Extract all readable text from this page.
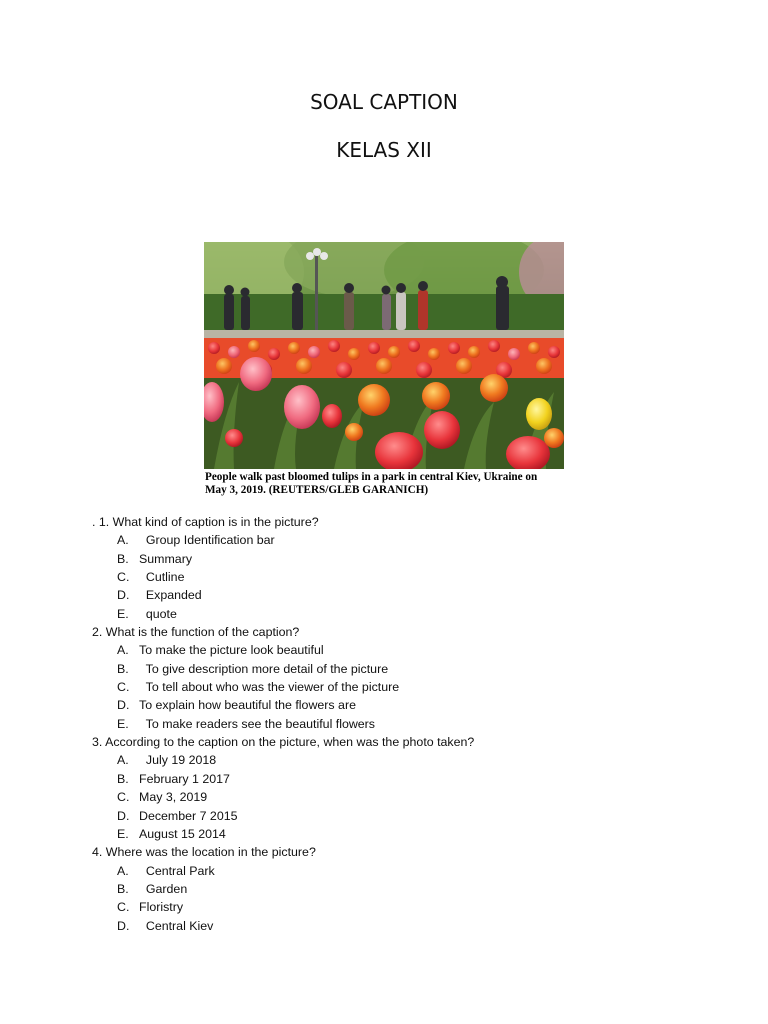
SOAL CAPTION
KELAS XII
People walk past bloomed tulips in a park in central Kiev, Ukraine on
May 3, 2019. (REUTERS/GLEB GARANICH)
. 1. What kind of caption is in the picture?
A.  Group Identification bar
B. Summary
C.  Cutline
D.  Expanded
E.  quote
2. What is the function of the caption?
A. To make the picture look beautiful
B.  To give description more detail of the picture
C.  To tell about who was the viewer of the picture
D. To explain how beautiful the flowers are
E.  To make readers see the beautiful flowers
3. According to the caption on the picture, when was the photo taken?
A.  July 19 2018
B. February 1 2017
C. May 3, 2019
D. December 7 2015
E. August 15 2014
4. Where was the location in the picture?
A.  Central Park
B.  Garden
C. Floristry
D.  Central Kiev
